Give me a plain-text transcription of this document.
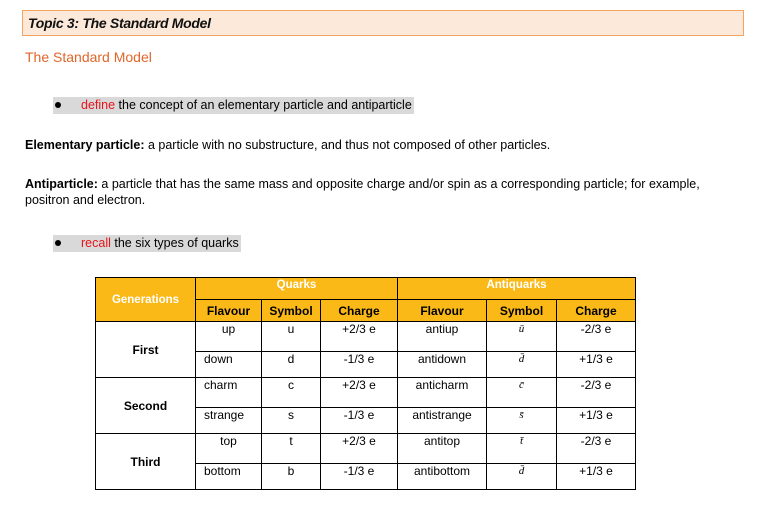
Topic 3: The Standard Model
The Standard Model
define the concept of an elementary particle and antiparticle
Elementary particle: a particle with no substructure, and thus not composed of other particles.
Antiparticle: a particle that has the same mass and opposite charge and/or spin as a corresponding particle; for example, positron and electron.
recall the six types of quarks
Generations	Quarks			Antiquarks		
	Flavour	Symbol	Charge	Flavour	Symbol	Charge
First	up	u	+2/3 e	antiup	ū	-2/3 e
	down	d	-1/3 e	antidown	d̄	+1/3 e
Second	charm	c	+2/3 e	anticharm	c̄	-2/3 e
	strange	s	-1/3 e	antistrange	s̄	+1/3 e
Third	top	t	+2/3 e	antitop	t̄	-2/3 e
	bottom	b	-1/3 e	antibottom	d̄	+1/3 e
